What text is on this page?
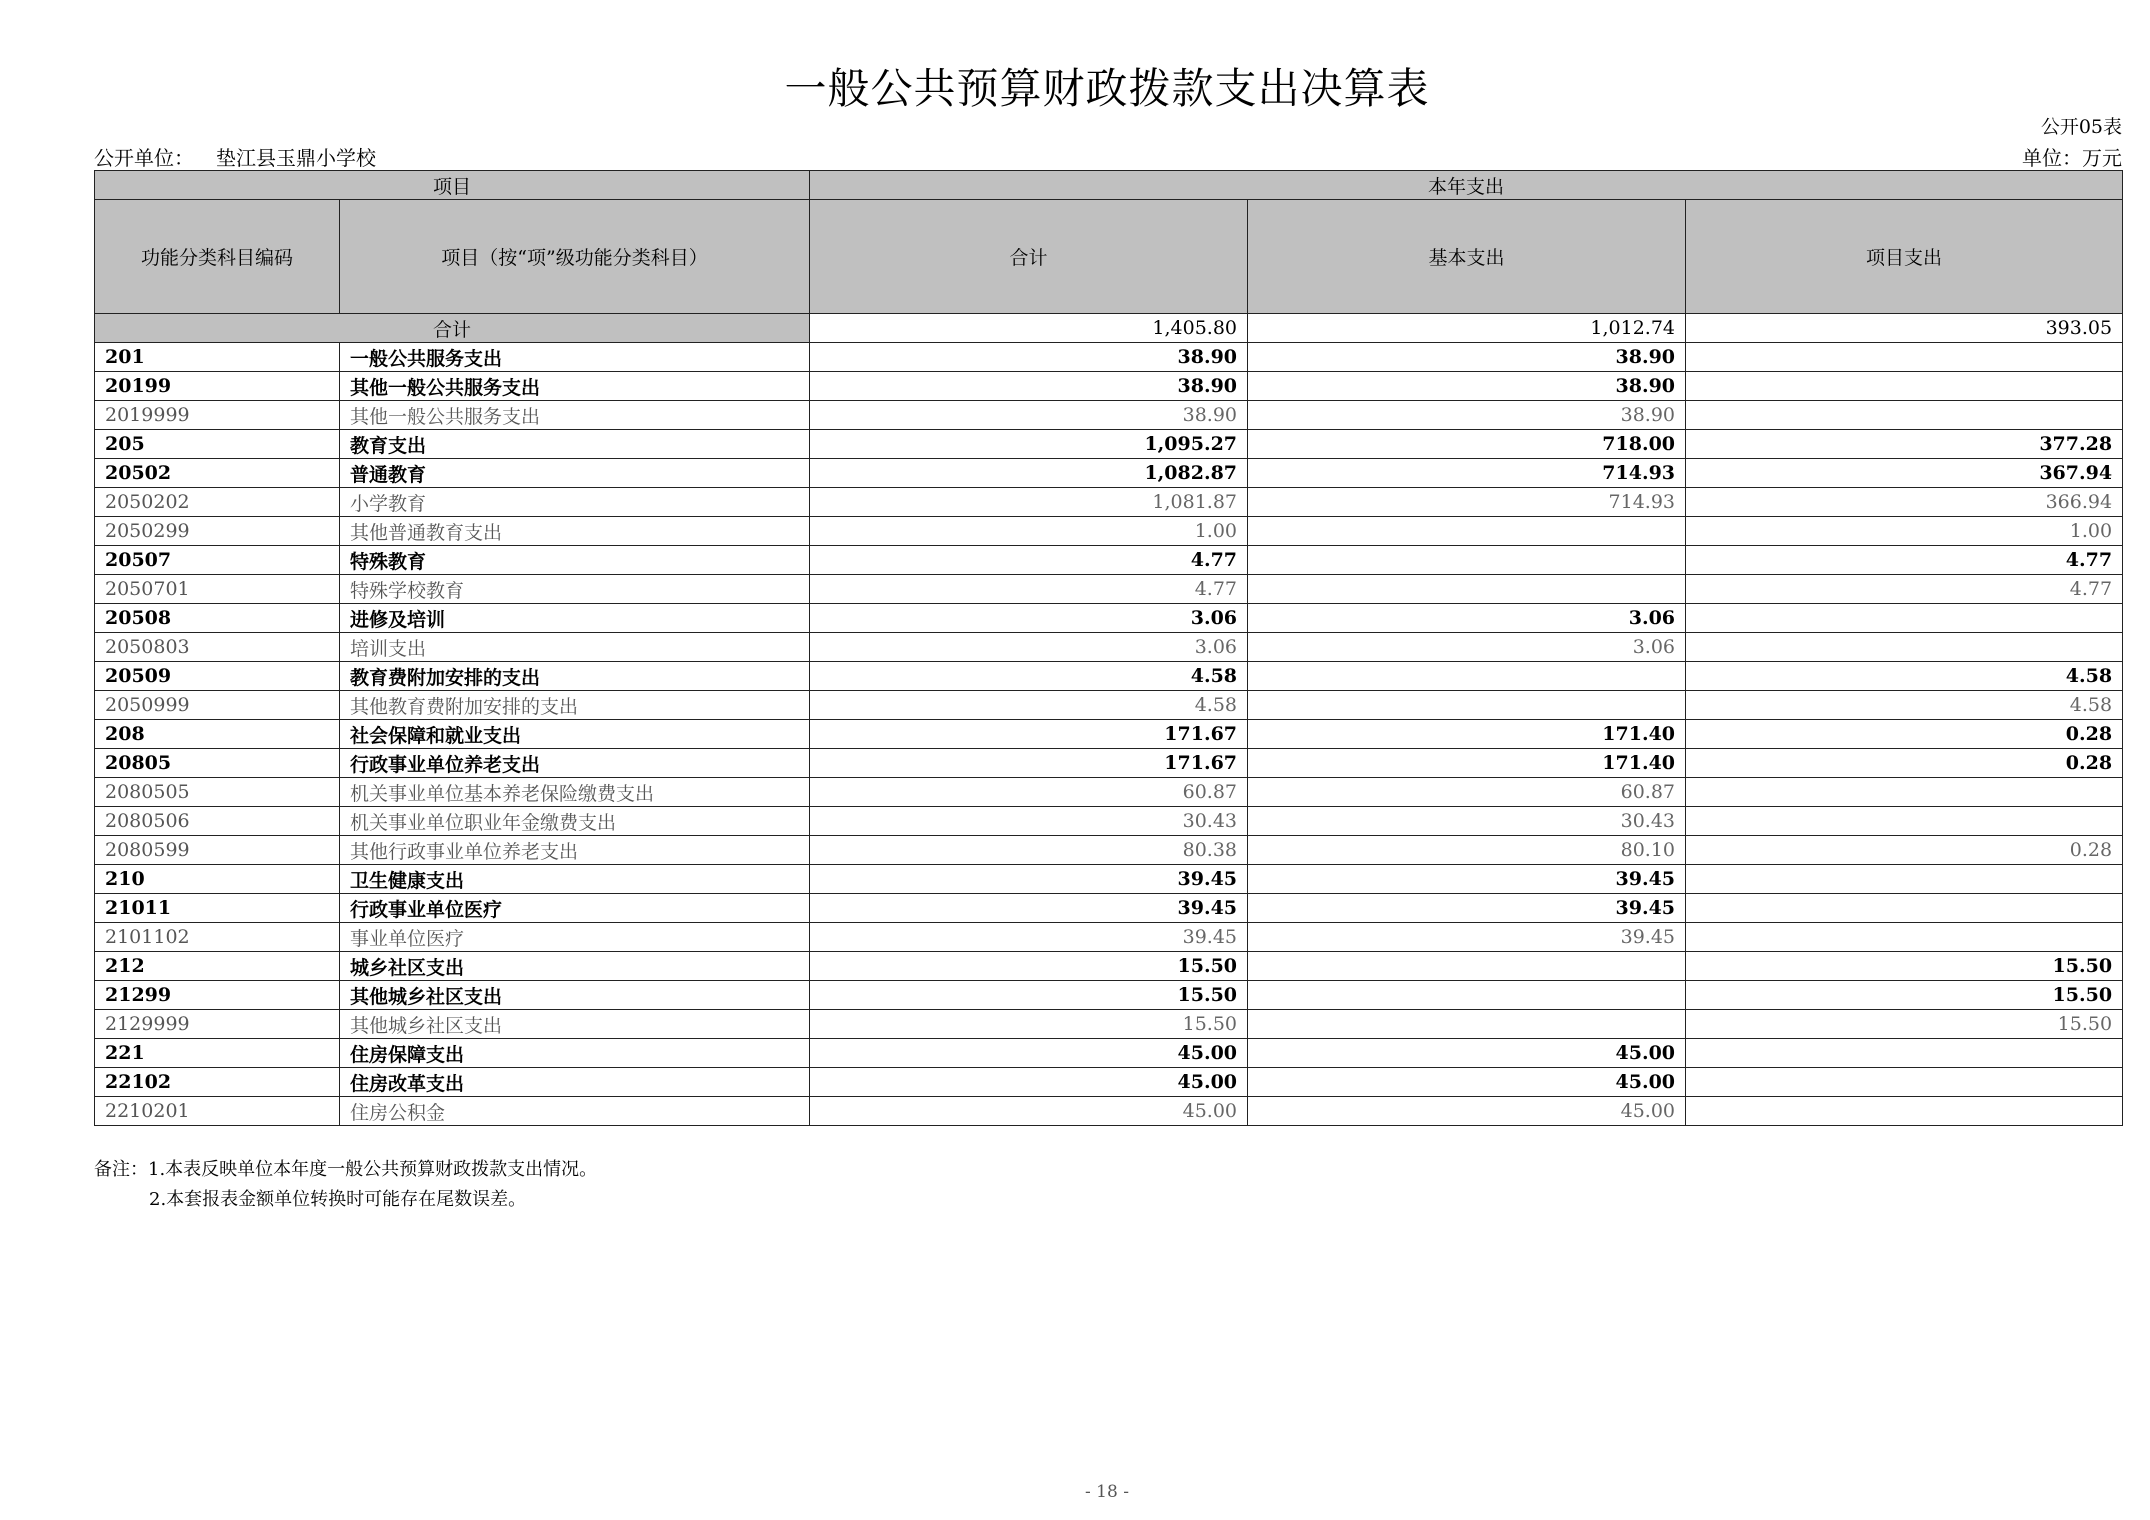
一般公共预算财政拨款支出决算表
公开05表
公开单位： 垫江县玉鼎小学校	单位：万元
项目		本年支出		
功能分类科目编码	项目（按“项”级功能分类科目）	合计	基本支出	项目支出
合计		1,405.80	1,012.74	393.05
201	一般公共服务支出	38.90	38.90	
20199	其他一般公共服务支出	38.90	38.90	
2019999	其他一般公共服务支出	38.90	38.90	
205	教育支出	1,095.27	718.00	377.28
20502	普通教育	1,082.87	714.93	367.94
2050202	小学教育	1,081.87	714.93	366.94
2050299	其他普通教育支出	1.00		1.00
20507	特殊教育	4.77		4.77
2050701	特殊学校教育	4.77		4.77
20508	进修及培训	3.06	3.06	
2050803	培训支出	3.06	3.06	
20509	教育费附加安排的支出	4.58		4.58
2050999	其他教育费附加安排的支出	4.58		4.58
208	社会保障和就业支出	171.67	171.40	0.28
20805	行政事业单位养老支出	171.67	171.40	0.28
2080505	机关事业单位基本养老保险缴费支出	60.87	60.87	
2080506	机关事业单位职业年金缴费支出	30.43	30.43	
2080599	其他行政事业单位养老支出	80.38	80.10	0.28
210	卫生健康支出	39.45	39.45	
21011	行政事业单位医疗	39.45	39.45	
2101102	事业单位医疗	39.45	39.45	
212	城乡社区支出	15.50		15.50
21299	其他城乡社区支出	15.50		15.50
2129999	其他城乡社区支出	15.50		15.50
221	住房保障支出	45.00	45.00	
22102	住房改革支出	45.00	45.00	
2210201	住房公积金	45.00	45.00	
备注：1.本表反映单位本年度一般公共预算财政拨款支出情况。
2.本套报表金额单位转换时可能存在尾数误差。
- 18 -
